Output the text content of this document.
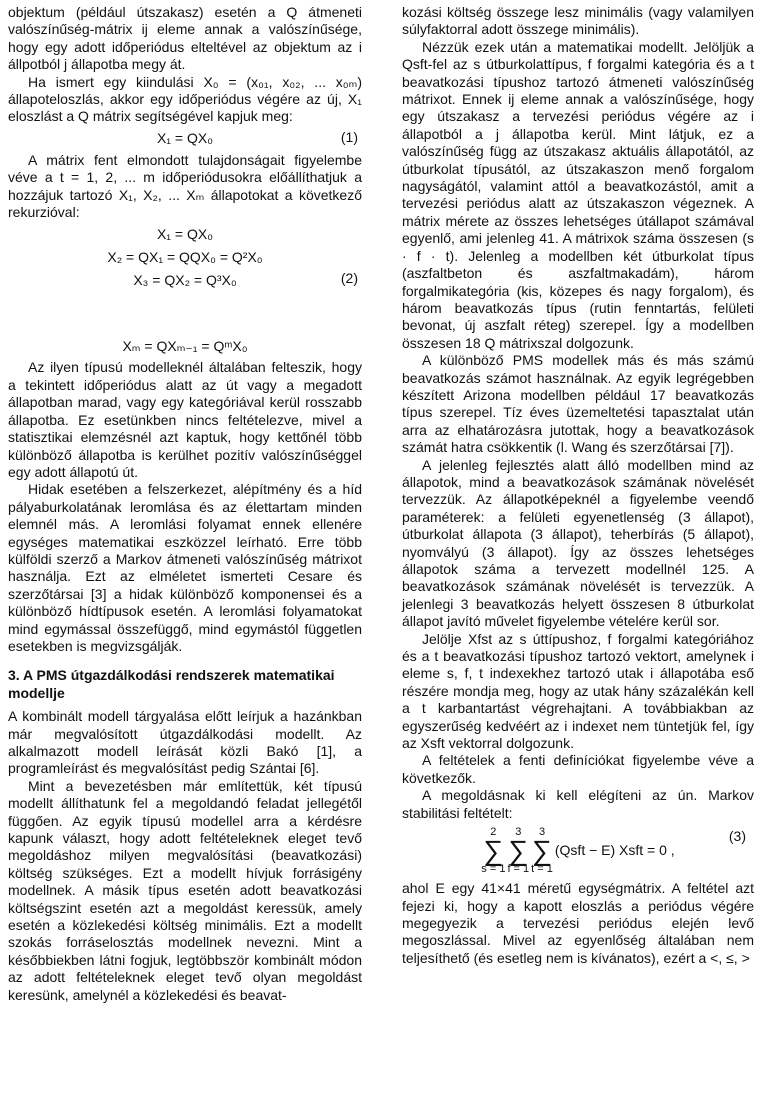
objektum (például útszakasz) esetén a Q átmeneti valószínűség-mátrix ij eleme annak a valószínűsége, hogy egy adott időperiódus elteltével az objektum az i állpotból j állapotba megy át.

Ha ismert egy kiindulási X₀ = (x₀₁, x₀₂, ... x₀ₘ) állapoteloszlás, akkor egy időperiódus végére az új, X₁ eloszlást a Q mátrix segítségével kapjuk meg:

X₁ = QX₀	(1)

A mátrix fent elmondott tulajdonságait figyelembe véve a t = 1, 2, ... m időperiódusokra előállíthatjuk a hozzájuk tartozó X₁, X₂, ... Xₘ állapotokat a következő rekurzióval:

X₁ = QX₀
X₂ = QX₁ = QQX₀ = Q²X₀
X₃ = QX₂ = Q³X₀	(2)
Xₘ = QXₘ₋₁ = QᵐX₀

Az ilyen típusú modelleknél általában felteszik, hogy a tekintett időperiódus alatt az út vagy a megadott állapotban marad, vagy egy kategóriával kerül rosszabb állapotba. Ez esetünkben nincs feltételezve, mivel a statisztikai elemzésnél azt kaptuk, hogy kettőnél több különböző állapotba is kerülhet pozitív valószínűséggel egy adott állapotú út.

Hidak esetében a felszerkezet, alépítmény és a híd pályaburkolatának leromlása és az élettartam minden elemnél más. A leromlási folyamat ennek ellenére egységes matematikai eszközzel leírható. Erre több külföldi szerző a Markov átmeneti valószínűség mátrixot használja. Ezt az elméletet ismerteti Cesare és szerzőtársai [3] a hidak különböző komponensei és a különböző hídtípusok esetén. A leromlási folyamatokat mind egymással összefüggő, mind egymástól független esetekben is megvizsgálják.

3. A PMS útgazdálkodási rendszerek matematikai modellje

A kombinált modell tárgyalása előtt leírjuk a hazánkban már megvalósított útgazdálkodási modellt. Az alkalmazott modell leírását közli Bakó [1], a programleírást és megvalósítást pedig Szántai [6].

Mint a bevezetésben már említettük, két típusú modellt állíthatunk fel a megoldandó feladat jellegétől függően. Az egyik típusú modellel arra a kérdésre kapunk választ, hogy adott feltételeknek eleget tevő megoldáshoz milyen megvalósítási (beavatkozási) költség szükséges. Ezt a modellt hívjuk forrásigény modellnek. A másik típus esetén adott beavatkozási költségszint esetén azt a megoldást keressük, amely esetén a közlekedési költség minimális. Ezt a modellt szokás forráselosztás modellnek nevezni. Mint a későbbiekben látni fogjuk, legtöbbször kombinált módon az adott feltételeknek eleget tevő olyan megoldást keresünk, amelynél a közlekedési és beavat-

kozási költség összege lesz minimális (vagy valamilyen súlyfaktorral adott összege minimális).

Nézzük ezek után a matematikai modellt. Jelöljük a Qsft-fel az s útburkolattípus, f forgalmi kategória és a t beavatkozási típushoz tartozó átmeneti valószínűség mátrixot. Ennek ij eleme annak a valószínűsége, hogy egy útszakasz a tervezési periódus végére az i állapotból a j állapotba kerül. Mint látjuk, ez a valószínűség függ az útszakasz aktuális állapotától, az útburkolat típusától, az útszakaszon menő forgalom nagyságától, valamint attól a beavatkozástól, amit a tervezési periódus alatt az útszakaszon végeznek. A mátrix mérete az összes lehetséges útállapot számával egyenlő, ami jelenleg 41. A mátrixok száma összesen (s · f · t). Jelenleg a modellben két útburkolat típus (aszfaltbeton és aszfaltmakadám), három forgalmikategória (kis, közepes és nagy forgalom), és három beavatkozás típus (rutin fenntartás, felületi bevonat, új aszfalt réteg) szerepel. Így a modellben összesen 18 Q mátrixszal dolgozunk.

A különböző PMS modellek más és más számú beavatkozás számot használnak. Az egyik legrégebben készített Arizona modellben például 17 beavatkozás típus szerepel. Tíz éves üzemeltetési tapasztalat után arra az elhatározásra jutottak, hogy a beavatkozások számát hatra csökkentik (l. Wang és szerzőtársai [7]).

A jelenleg fejlesztés alatt álló modellben mind az állapotok, mind a beavatkozások számának növelését tervezzük. Az állapotképeknél a figyelembe veendő paraméterek: a felületi egyenetlenség (3 állapot), útburkolat állapota (3 állapot), teherbírás (5 állapot), nyomvályú (3 állapot). Így az összes lehetséges állapotok száma a tervezett modellnél 125. A beavatkozások számának növelését is tervezzük. A jelenlegi 3 beavatkozás helyett összesen 8 útburkolat állapot javító művelet figyelembe vételére kerül sor.

Jelölje Xfst az s úttípushoz, f forgalmi kategóriához és a t beavatkozási típushoz tartozó vektort, amelynek i eleme s, f, t indexekhez tartozó utak i állapotába eső részére mondja meg, hogy az utak hány százalékán kell a t karbantartást végrehajtani. A továbbiakban az egyszerűség kedvéért az i indexet nem tüntetjük fel, így az Xsft vektorral dolgozunk.

A feltételek a fenti definíciókat figyelembe véve a következők.

A megoldásnak ki kell elégíteni az ún. Markov stabilitási feltételt:

2
∑
s = 1
3
∑
f = 1
3
∑
t = 1
(Qsft − E) Xsft = 0 ,
(3)

ahol E egy 41×41 méretű egységmátrix. A feltétel azt fejezi ki, hogy a kapott eloszlás a periódus végére megegyezik a tervezési periódus elején levő megoszlással. Mivel az egyenlőség általában nem teljesíthető (és esetleg nem is kívánatos), ezért a <, ≤, >
